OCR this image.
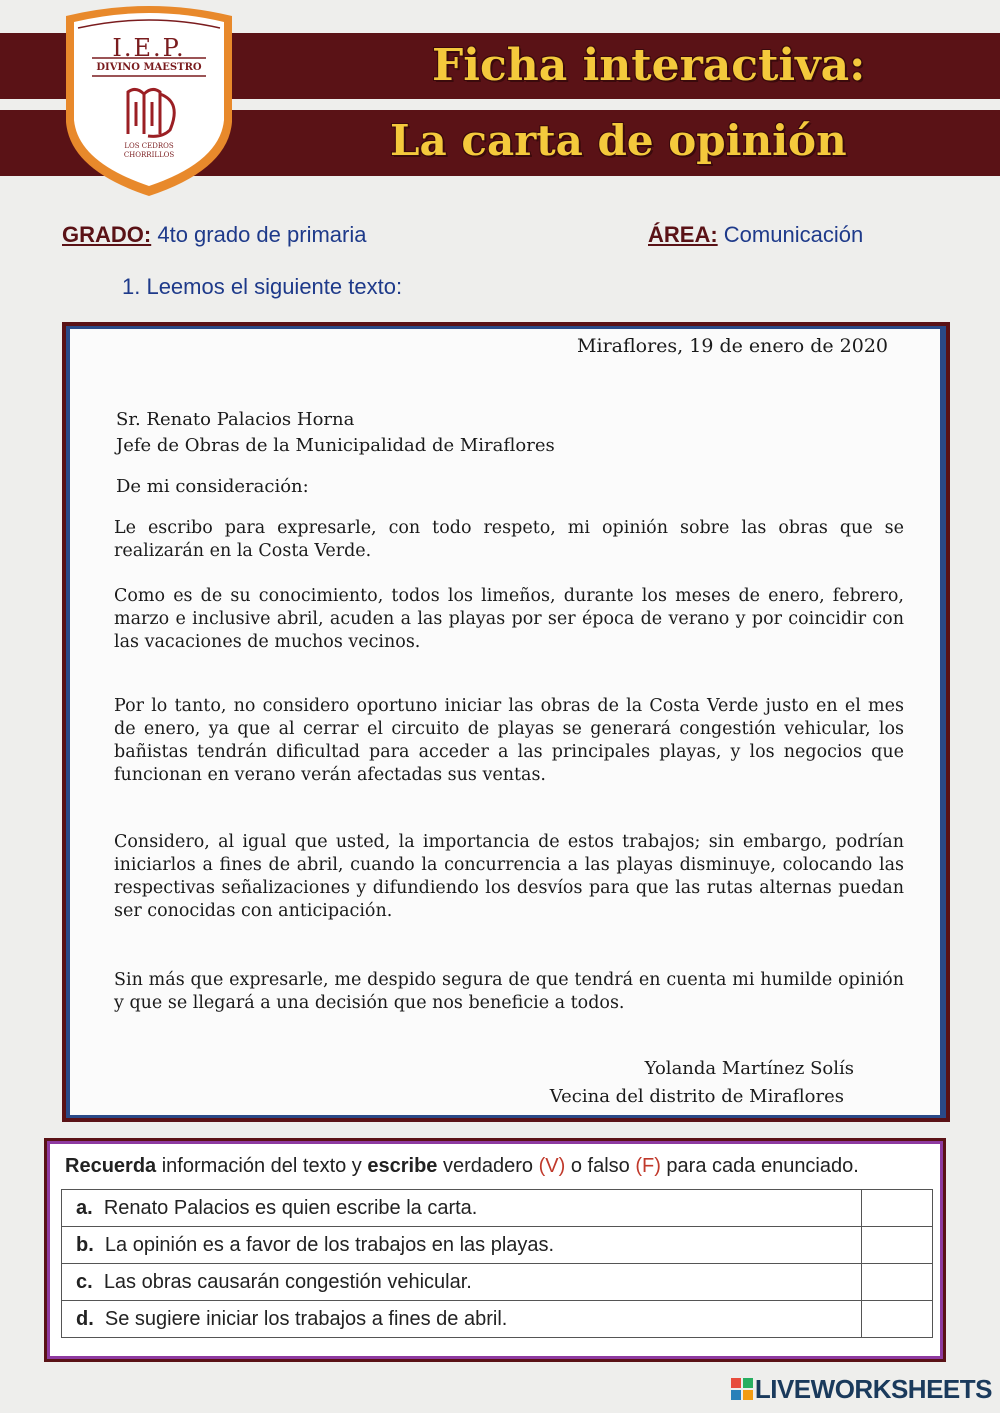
Ficha interactiva:
La carta de opinión
I.E.P.
DIVINO MAESTRO
LOS CEDROS
CHORRILLOS
GRADO: 4to grado de primaria	ÁREA: Comunicación
1. Leemos el siguiente texto:
Miraflores, 19 de enero de 2020
Sr. Renato Palacios Horna
Jefe de Obras de la Municipalidad de Miraflores
De mi consideración:
Le escribo para expresarle, con todo respeto, mi opinión sobre las obras que se realizarán en la Costa Verde.
Como es de su conocimiento, todos los limeños, durante los meses de enero, febrero, marzo e inclusive abril, acuden a las playas por ser época de verano y por coincidir con las vacaciones de muchos vecinos.
Por lo tanto, no considero oportuno iniciar las obras de la Costa Verde justo en el mes de enero, ya que al cerrar el circuito de playas se generará congestión vehicular, los bañistas tendrán dificultad para acceder a las principales playas, y los negocios que funcionan en verano verán afectadas sus ventas.
Considero, al igual que usted, la importancia de estos trabajos; sin embargo, podrían iniciarlos a fines de abril, cuando la concurrencia a las playas disminuye, colocando las respectivas señalizaciones y difundiendo los desvíos para que las rutas alternas puedan ser conocidas con anticipación.
Sin más que expresarle, me despido segura de que tendrá en cuenta mi humilde opinión y que se llegará a una decisión que nos beneficie a todos.
Yolanda Martínez Solís
Vecina del distrito de Miraflores
Recuerda información del texto y escribe verdadero (V) o falso (F) para cada enunciado.
a. Renato Palacios es quien escribe la carta.	
b. La opinión es a favor de los trabajos en las playas.	
c. Las obras causarán congestión vehicular.	
d. Se sugiere iniciar los trabajos a fines de abril.	
LIVEWORKSHEETS
